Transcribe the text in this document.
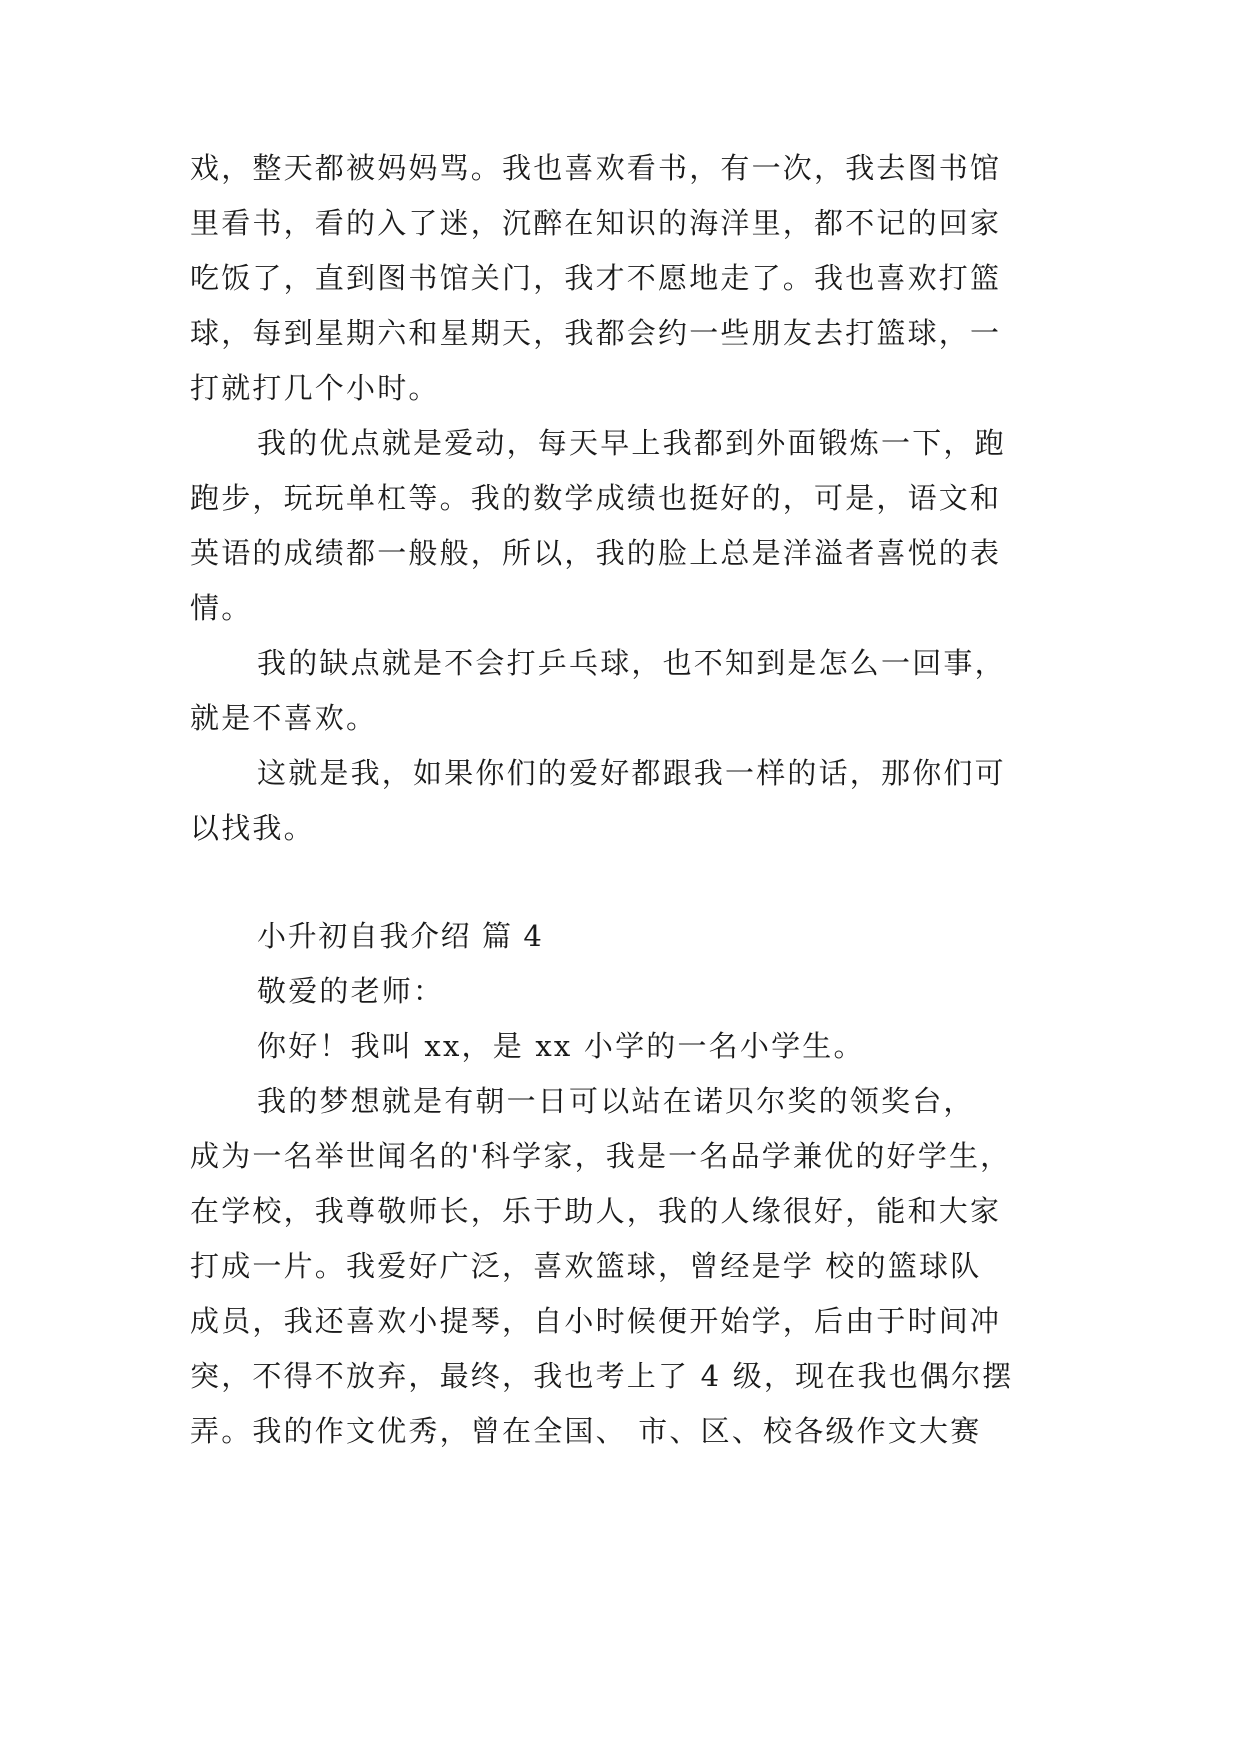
戏，整天都被妈妈骂。我也喜欢看书，有一次，我去图书馆
里看书，看的入了迷，沉醉在知识的海洋里，都不记的回家
吃饭了，直到图书馆关门，我才不愿地走了。我也喜欢打篮
球，每到星期六和星期天，我都会约一些朋友去打篮球，一
打就打几个小时。
我的优点就是爱动，每天早上我都到外面锻炼一下，跑
跑步，玩玩单杠等。我的数学成绩也挺好的，可是，语文和
英语的成绩都一般般，所以，我的脸上总是洋溢者喜悦的表
情。
我的缺点就是不会打乒乓球，也不知到是怎么一回事，
就是不喜欢。
这就是我，如果你们的爱好都跟我一样的话，那你们可
以找我。
小升初自我介绍 篇 4
敬爱的老师：
你好！我叫 xx，是 xx 小学的一名小学生。
我的梦想就是有朝一日可以站在诺贝尔奖的领奖台，
成为一名举世闻名的'科学家，我是一名品学兼优的好学生，
在学校，我尊敬师长，乐于助人，我的人缘很好，能和大家
打成一片。我爱好广泛，喜欢篮球，曾经是学 校的篮球队
成员，我还喜欢小提琴，自小时候便开始学，后由于时间冲
突，不得不放弃，最终，我也考上了 4 级，现在我也偶尔摆
弄。我的作文优秀，曾在全国、 市、区、校各级作文大赛
